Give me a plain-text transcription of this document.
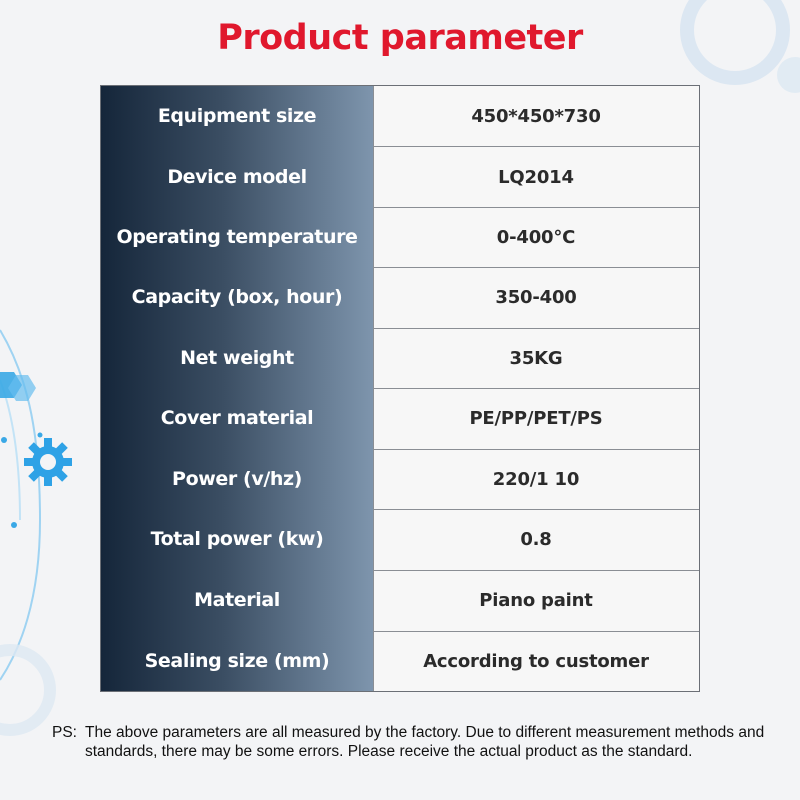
Product parameter
Equipment size	450*450*730
Device model	LQ2014
Operating temperature	0-400°C
Capacity (box, hour)	350-400
Net weight	35KG
Cover material	PE/PP/PET/PS
Power (v/hz)	220/1 10
Total power (kw)	0.8
Material	Piano paint
Sealing size (mm)	According to customer
PS: The above parameters are all measured by the factory. Due to different measurement methods and standards, there may be some errors. Please receive the actual product as the standard.
